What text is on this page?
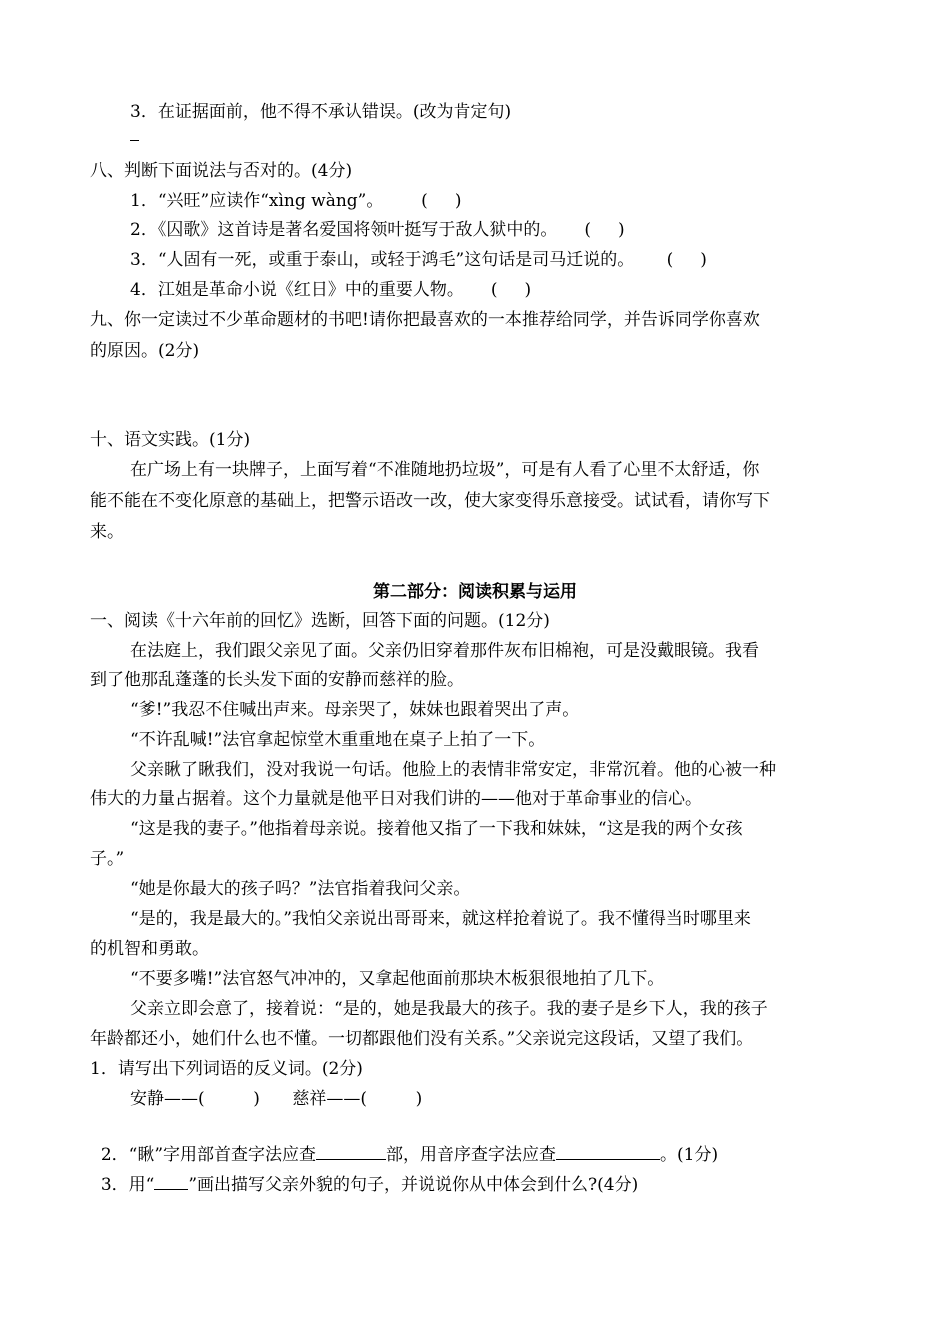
3．在证据面前，他不得不承认错误。(改为肯定句)
八、判断下面说法与否对的。(4分)
1．“兴旺”应读作“xìng wàng”。       (     )
2．《囚歌》这首诗是著名爱国将领叶挺写于敌人狱中的。     (     )
3．“人固有一死，或重于泰山，或轻于鸿毛”这句话是司马迁说的。      (     )
4．江姐是革命小说《红日》中的重要人物。     (     )
九、你一定读过不少革命题材的书吧!请你把最喜欢的一本推荐给同学，并告诉同学你喜欢
的原因。(2分)
十、语文实践。(1分)
在广场上有一块牌子，上面写着“不准随地扔垃圾”，可是有人看了心里不太舒适，你
能不能在不变化原意的基础上，把警示语改一改，使大家变得乐意接受。试试看，请你写下
来。
第二部分：阅读积累与运用
一、阅读《十六年前的回忆》选断，回答下面的问题。(12分)
在法庭上，我们跟父亲见了面。父亲仍旧穿着那件灰布旧棉袍，可是没戴眼镜。我看
到了他那乱蓬蓬的长头发下面的安静而慈祥的脸。
“爹!”我忍不住喊出声来。母亲哭了，妹妹也跟着哭出了声。
“不许乱喊!”法官拿起惊堂木重重地在桌子上拍了一下。
父亲瞅了瞅我们，没对我说一句话。他脸上的表情非常安定，非常沉着。他的心被一种
伟大的力量占据着。这个力量就是他平日对我们讲的——他对于革命事业的信心。
“这是我的妻子。”他指着母亲说。接着他又指了一下我和妹妹，“这是我的两个女孩
子。”
“她是你最大的孩子吗？”法官指着我问父亲。
“是的，我是最大的。”我怕父亲说出哥哥来，就这样抢着说了。我不懂得当时哪里来
的机智和勇敢。
“不要多嘴!”法官怒气冲冲的，又拿起他面前那块木板狠很地拍了几下。
父亲立即会意了，接着说：“是的，她是我最大的孩子。我的妻子是乡下人，我的孩子
年龄都还小，她们什么也不懂。一切都跟他们没有关系。”父亲说完这段话，又望了我们。
1．请写出下列词语的反义词。(2分)
安静——(         )      慈祥——(         )

2．“瞅”字用部首查字法应查	部，用音序查字法应查	。(1分)

3．用“ ”画出描写父亲外貌的句子，并说说你从中体会到什么?(4分)
